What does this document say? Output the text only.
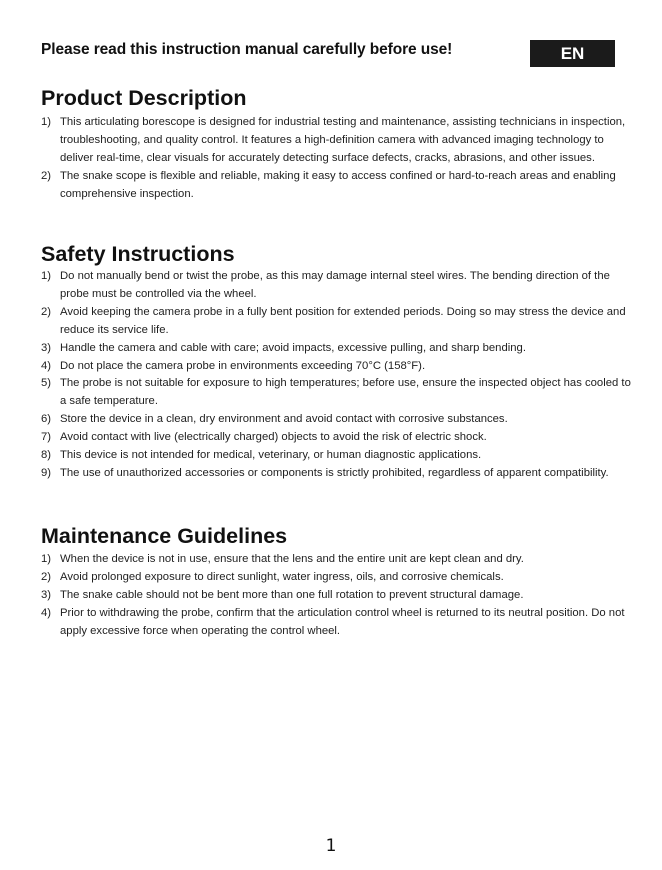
Please read this instruction manual carefully before use!	EN
Product Description
1) This articulating borescope is designed for industrial testing and maintenance, assisting technicians in inspection, troubleshooting, and quality control. It features a high-definition camera with advanced imaging technology to deliver real-time, clear visuals for accurately detecting surface defects, cracks, abrasions, and other issues.
2) The snake scope is flexible and reliable, making it easy to access confined or hard-to-reach areas and enabling comprehensive inspection.
Safety Instructions
1) Do not manually bend or twist the probe, as this may damage internal steel wires. The bending direction of the probe must be controlled via the wheel.
2) Avoid keeping the camera probe in a fully bent position for extended periods. Doing so may stress the device and reduce its service life.
3) Handle the camera and cable with care; avoid impacts, excessive pulling, and sharp bending.
4) Do not place the camera probe in environments exceeding 70°C (158°F).
5) The probe is not suitable for exposure to high temperatures; before use, ensure the inspected object has cooled to a safe temperature.
6) Store the device in a clean, dry environment and avoid contact with corrosive substances.
7) Avoid contact with live (electrically charged) objects to avoid the risk of electric shock.
8) This device is not intended for medical, veterinary, or human diagnostic applications.
9) The use of unauthorized accessories or components is strictly prohibited, regardless of apparent compatibility.
Maintenance Guidelines
1) When the device is not in use, ensure that the lens and the entire unit are kept clean and dry.
2) Avoid prolonged exposure to direct sunlight, water ingress, oils, and corrosive chemicals.
3) The snake cable should not be bent more than one full rotation to prevent structural damage.
4) Prior to withdrawing the probe, confirm that the articulation control wheel is returned to its neutral position. Do not apply excessive force when operating the control wheel.
1
